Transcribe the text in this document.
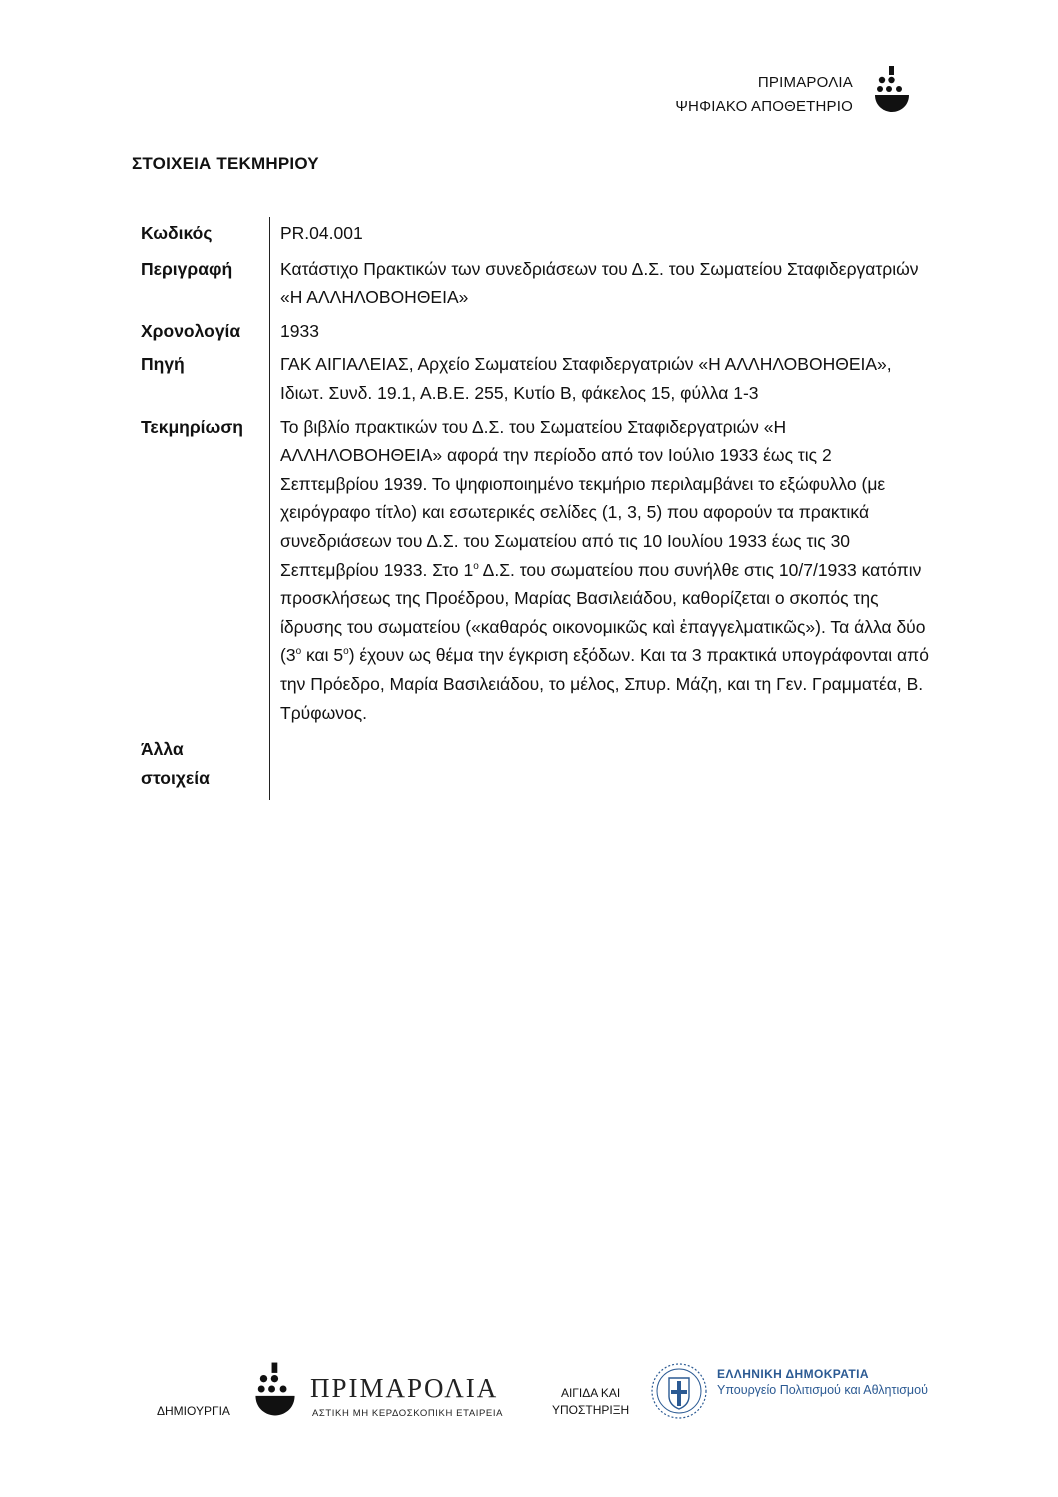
ΠΡΙΜΑΡΟΛΙΑ
ΨΗΦΙΑΚΟ ΑΠΟΘΕΤΗΡΙΟ
ΣΤΟΙΧΕΙΑ ΤΕΚΜΗΡΙΟΥ
Κωδικός	PR.04.001
Περιγραφή	Κατάστιχο Πρακτικών των συνεδριάσεων του Δ.Σ. του Σωματείου Σταφιδεργατριών «Η ΑΛΛΗΛΟΒΟΗΘΕΙΑ»
Χρονολογία	1933
Πηγή	ΓΑΚ ΑΙΓΙΑΛΕΙΑΣ, Αρχείο Σωματείου Σταφιδεργατριών «Η ΑΛΛΗΛΟΒΟΗΘΕΙΑ», Ιδιωτ. Συνδ. 19.1, Α.Β.Ε. 255, Κυτίο Β, φάκελος 15, φύλλα 1-3
Τεκμηρίωση	Το βιβλίο πρακτικών του Δ.Σ. του Σωματείου Σταφιδεργατριών «Η ΑΛΛΗΛΟΒΟΗΘΕΙΑ» αφορά την περίοδο από τον Ιούλιο 1933 έως τις 2 Σεπτεμβρίου 1939. Το ψηφιοποιημένο τεκμήριο περιλαμβάνει το εξώφυλλο (με χειρόγραφο τίτλο) και εσωτερικές σελίδες (1, 3, 5) που αφορούν τα πρακτικά συνεδριάσεων του Δ.Σ. του Σωματείου από τις 10 Ιουλίου 1933 έως τις 30 Σεπτεμβρίου 1933. Στο $1^o$ Δ.Σ. του σωματείου που συνήλθε στις 10/7/1933 κατόπιν προσκλήσεως της Προέδρου, Μαρίας Βασιλειάδου, καθορίζεται ο σκοπός της ίδρυσης του σωματείου («καθαρός οικονομικῶς καὶ ἐπαγγελματικῶς»). Τα άλλα δύο ($3^o$ και $5^o$) έχουν ως θέμα την έγκριση εξόδων. Και τα 3 πρακτικά υπογράφονται από την Πρόεδρο, Μαρία Βασιλειάδου, το μέλος, Σπυρ. Μάζη, και τη Γεν. Γραμματέα, Β. Τρύφωνος.
Άλλα
στοιχεία
ΔΗΜΙΟΥΡΓΙΑ
ΠΡΙΜΑΡΟΛΙΑ
ΑΣΤΙΚΗ ΜΗ ΚΕΡΔΟΣΚΟΠΙΚΗ ΕΤΑΙΡΕΙΑ
ΑΙΓΙΔΑ ΚΑΙ
ΥΠΟΣΤΗΡΙΞΗ
ΕΛΛΗΝΙΚΗ ΔΗΜΟΚΡΑΤΙΑ
Υπουργείο Πολιτισμού και Αθλητισμού
